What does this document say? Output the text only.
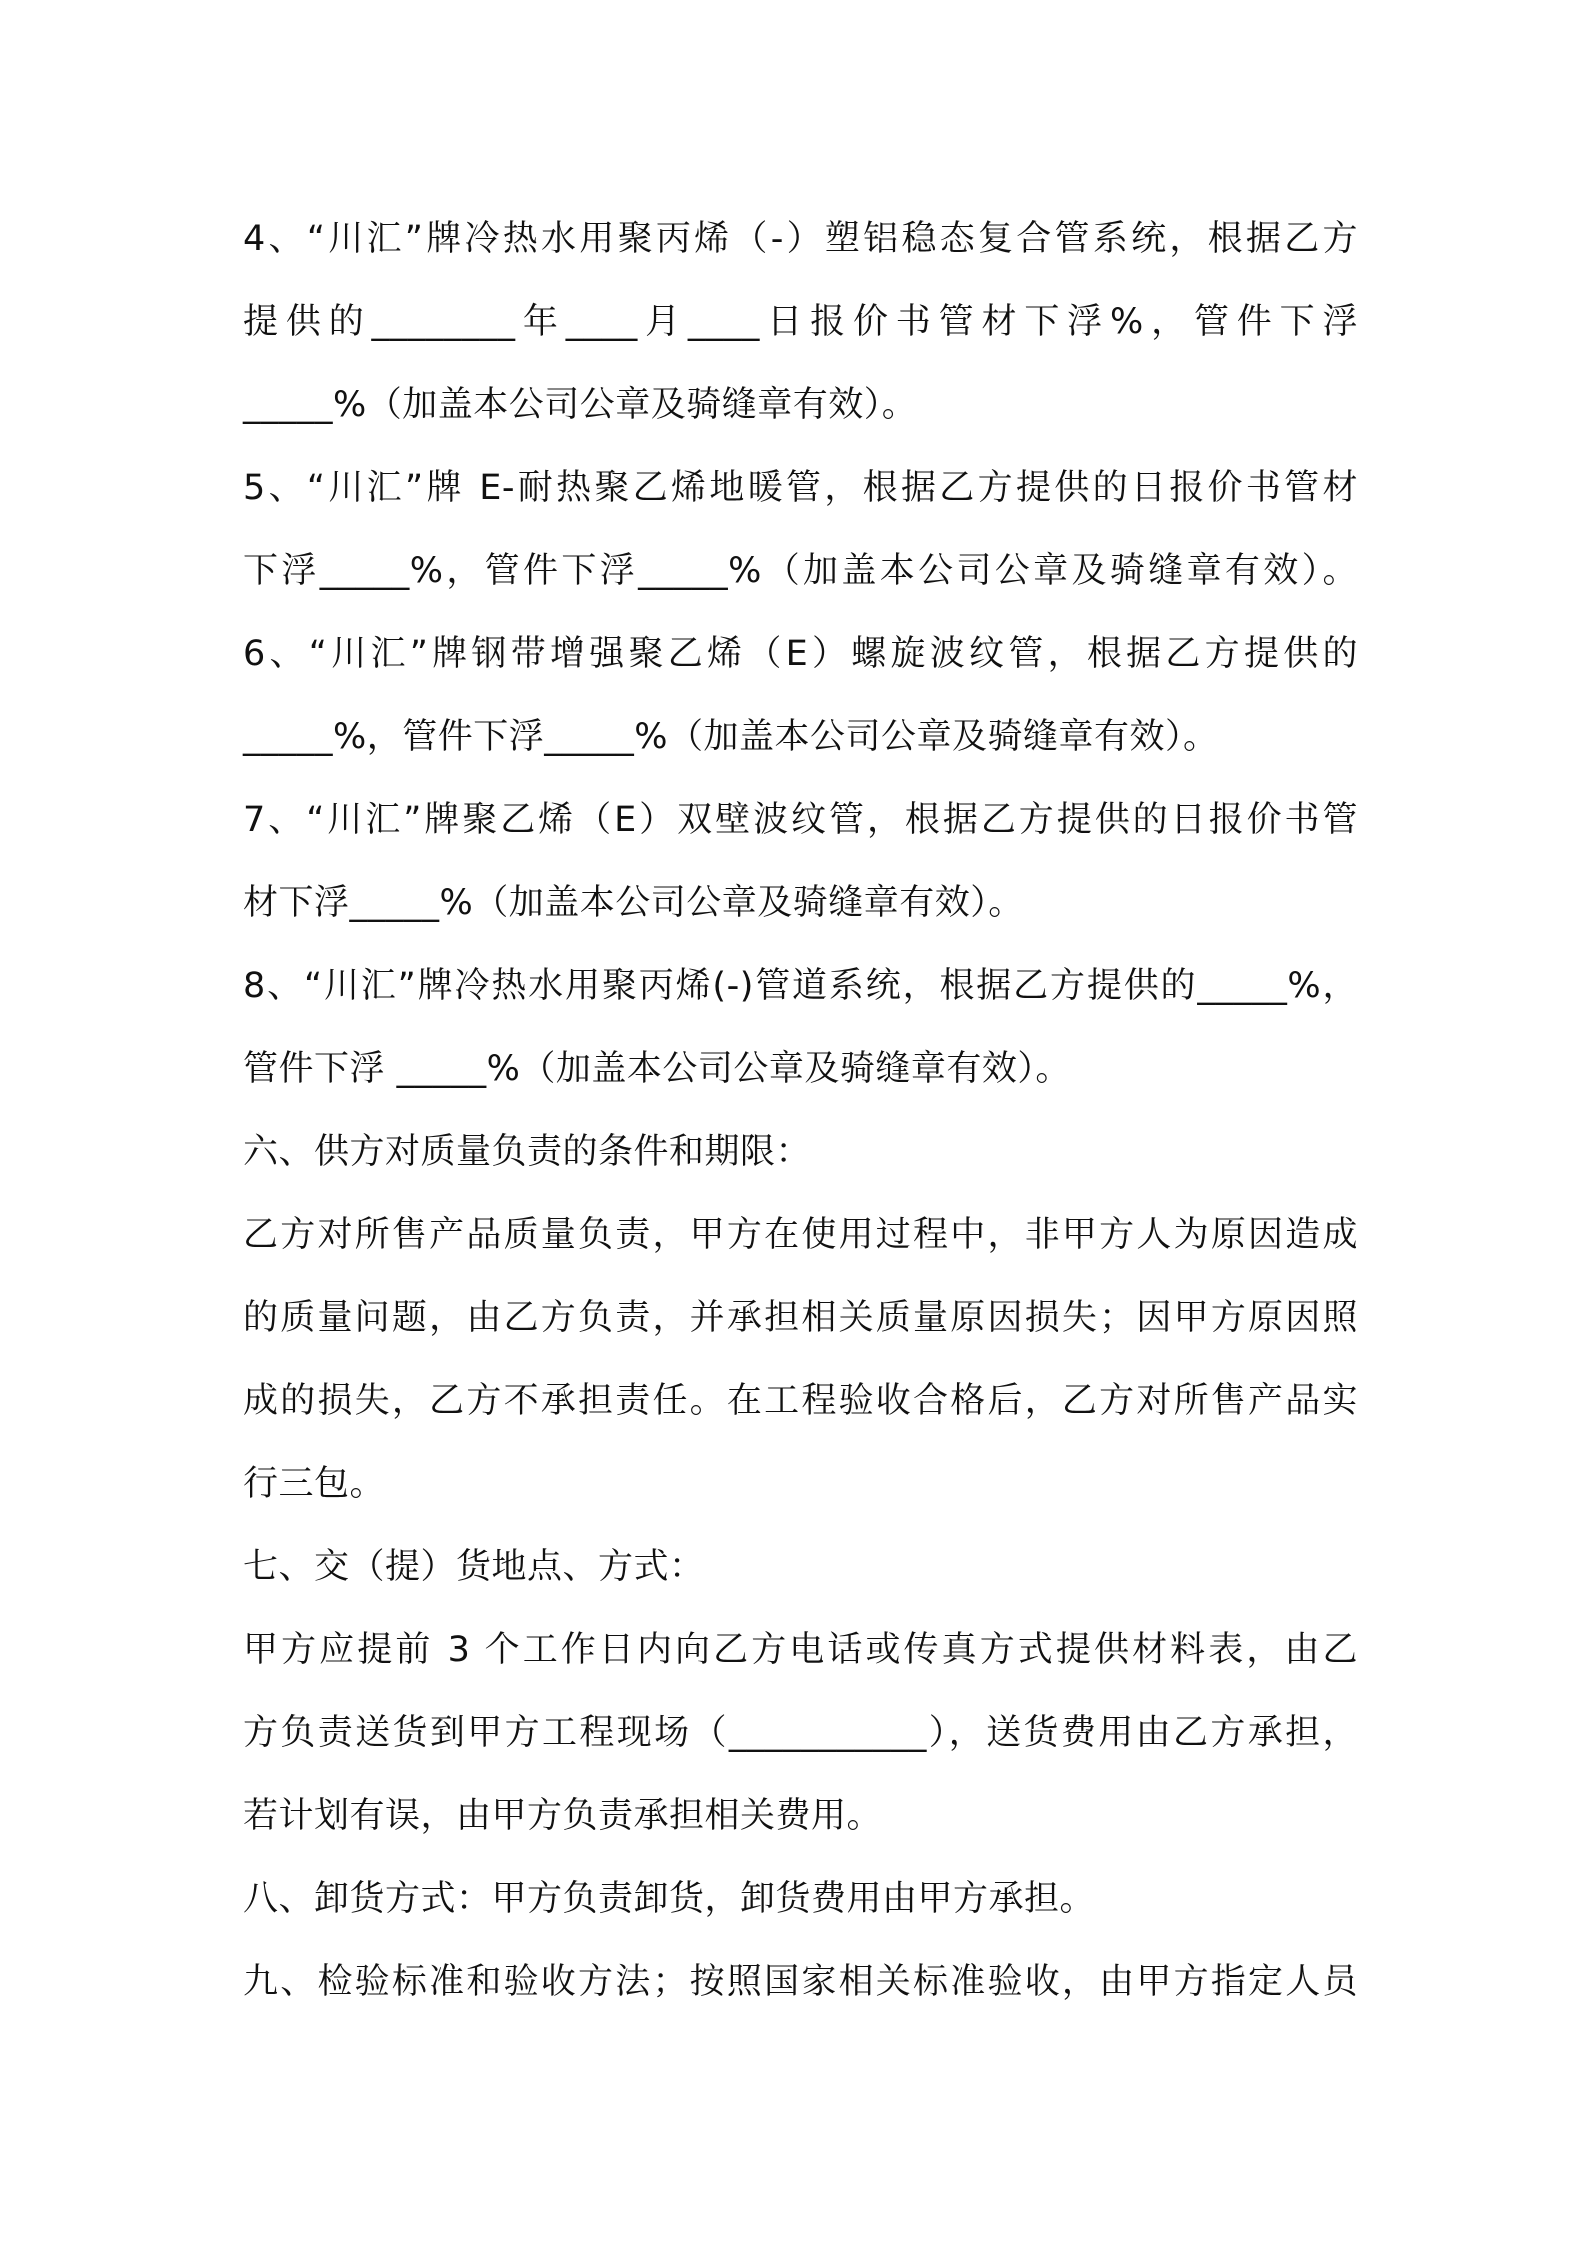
4、“川汇”牌冷热水用聚丙烯（-）塑铝稳态复合管系统，根据乙方
提供的________年____月____日报价书管材下浮%，管件下浮
_____%（加盖本公司公章及骑缝章有效）。
5、“川汇”牌 E-耐热聚乙烯地暖管，根据乙方提供的日报价书管材
下浮_____%，管件下浮_____%（加盖本公司公章及骑缝章有效）。
6、“川汇”牌钢带增强聚乙烯（E）螺旋波纹管，根据乙方提供的
_____%，管件下浮_____%（加盖本公司公章及骑缝章有效）。
7、“川汇”牌聚乙烯（E）双壁波纹管，根据乙方提供的日报价书管
材下浮_____%（加盖本公司公章及骑缝章有效）。
8、“川汇”牌冷热水用聚丙烯(-)管道系统，根据乙方提供的_____%，
管件下浮 _____%（加盖本公司公章及骑缝章有效）。
六、供方对质量负责的条件和期限：
乙方对所售产品质量负责，甲方在使用过程中，非甲方人为原因造成
的质量问题，由乙方负责，并承担相关质量原因损失；因甲方原因照
成的损失，乙方不承担责任。在工程验收合格后，乙方对所售产品实
行三包。
七、交（提）货地点、方式：
甲方应提前 3 个工作日内向乙方电话或传真方式提供材料表，由乙
方负责送货到甲方工程现场（___________），送货费用由乙方承担，
若计划有误，由甲方负责承担相关费用。
八、卸货方式：甲方负责卸货，卸货费用由甲方承担。
九、检验标准和验收方法；按照国家相关标准验收，由甲方指定人员
